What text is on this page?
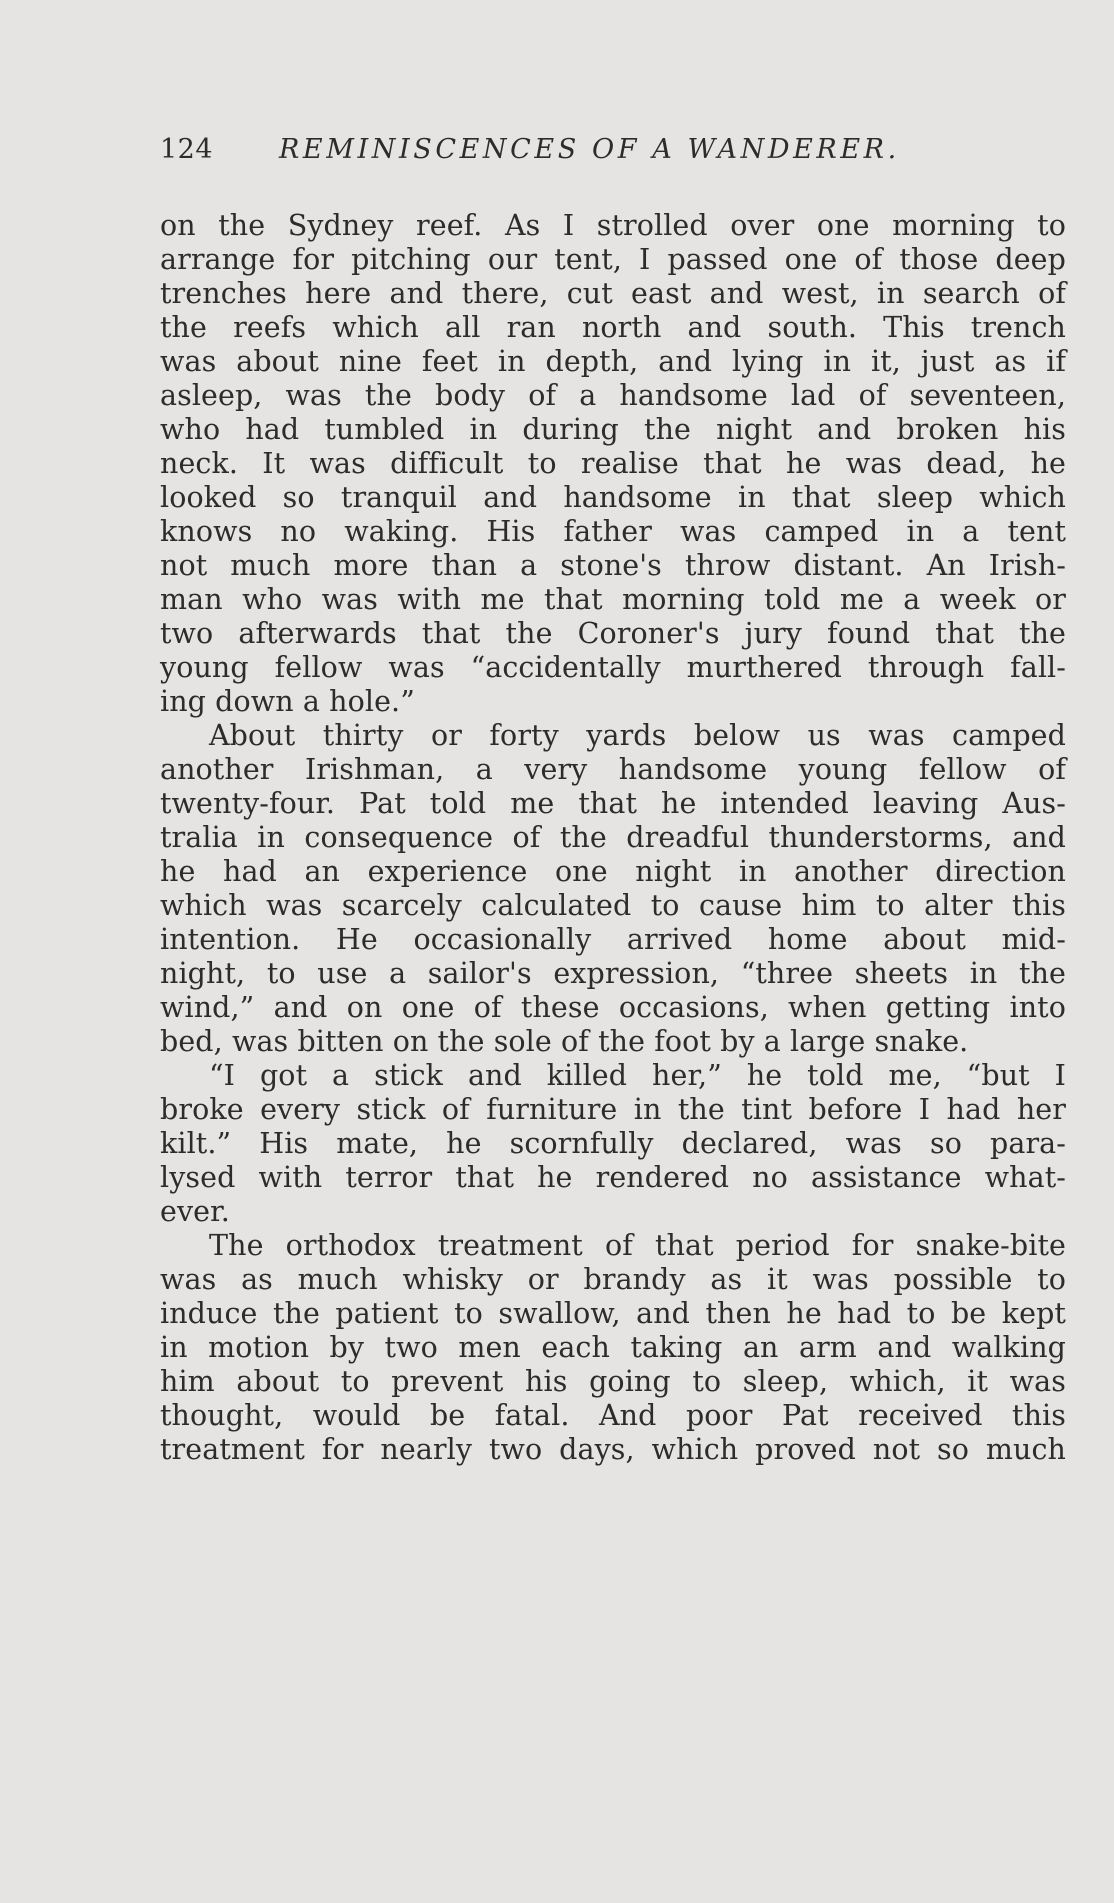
124 REMINISCENCES OF A WANDERER.
on the Sydney reef. As I strolled over one morning to
arrange for pitching our tent, I passed one of those deep
trenches here and there, cut east and west, in search of
the reefs which all ran north and south. This trench
was about nine feet in depth, and lying in it, just as if
asleep, was the body of a handsome lad of seventeen,
who had tumbled in during the night and broken his
neck. It was difficult to realise that he was dead, he
looked so tranquil and handsome in that sleep which
knows no waking. His father was camped in a tent
not much more than a stone's throw distant. An Irish-
man who was with me that morning told me a week or
two afterwards that the Coroner's jury found that the
young fellow was “accidentally murthered through fall-
ing down a hole.”
About thirty or forty yards below us was camped
another Irishman, a very handsome young fellow of
twenty-four. Pat told me that he intended leaving Aus-
tralia in consequence of the dreadful thunderstorms, and
he had an experience one night in another direction
which was scarcely calculated to cause him to alter this
intention. He occasionally arrived home about mid-
night, to use a sailor's expression, “three sheets in the
wind,” and on one of these occasions, when getting into
bed, was bitten on the sole of the foot by a large snake.
“I got a stick and killed her,” he told me, “but I
broke every stick of furniture in the tint before I had her
kilt.” His mate, he scornfully declared, was so para-
lysed with terror that he rendered no assistance what-
ever.
The orthodox treatment of that period for snake-bite
was as much whisky or brandy as it was possible to
induce the patient to swallow, and then he had to be kept
in motion by two men each taking an arm and walking
him about to prevent his going to sleep, which, it was
thought, would be fatal. And poor Pat received this
treatment for nearly two days, which proved not so much
